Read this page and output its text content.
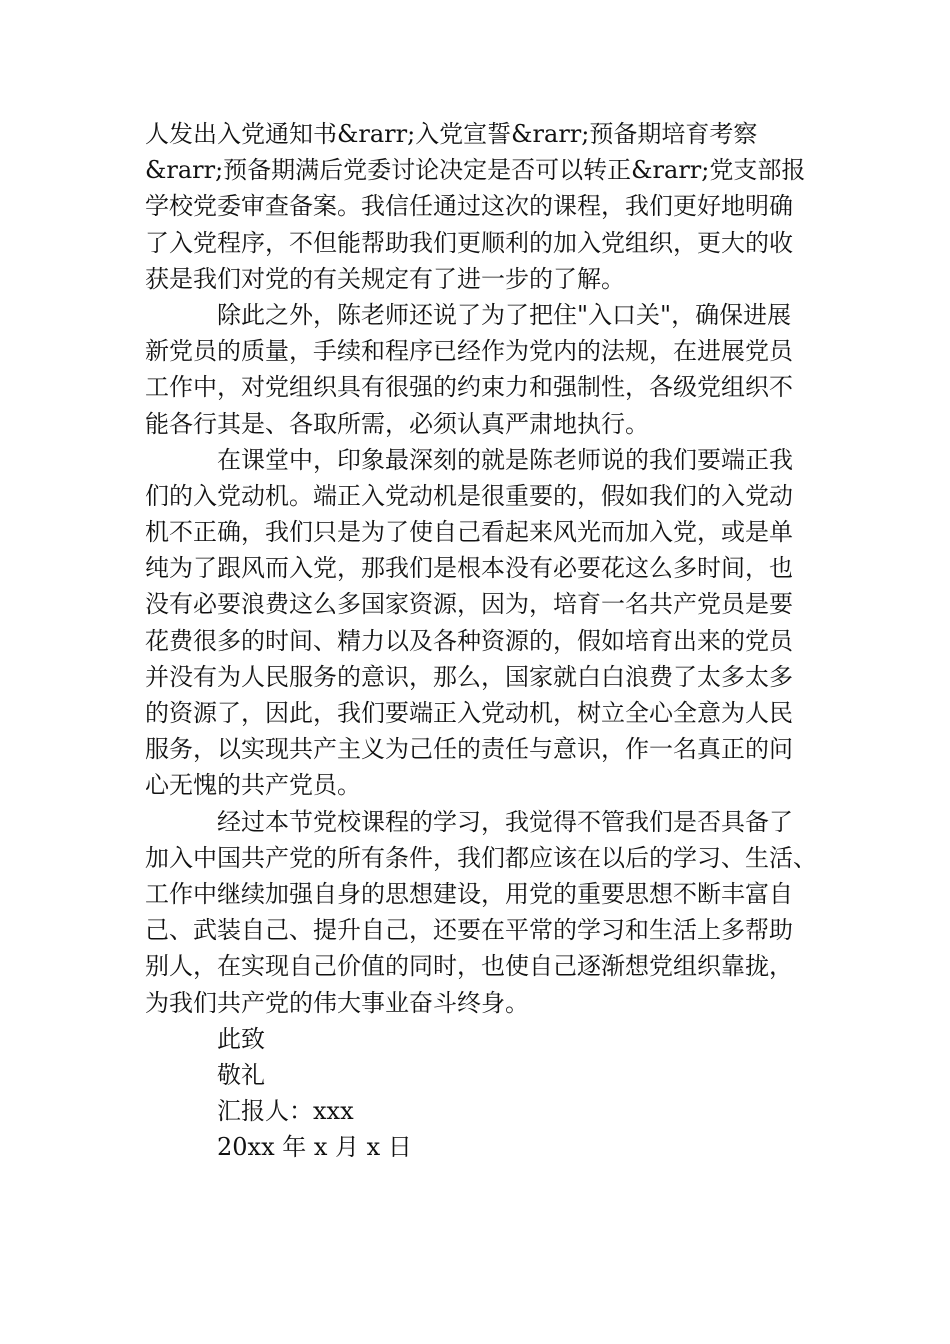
人发出入党通知书&rarr;入党宣誓&rarr;预备期培育考察
&rarr;预备期满后党委讨论决定是否可以转正&rarr;党支部报
学校党委审查备案。我信任通过这次的课程，我们更好地明确
了入党程序，不但能帮助我们更顺利的加入党组织，更大的收
获是我们对党的有关规定有了进一步的了解。
除此之外，陈老师还说了为了把住"入口关"，确保进展
新党员的质量，手续和程序已经作为党内的法规，在进展党员
工作中，对党组织具有很强的约束力和强制性，各级党组织不
能各行其是、各取所需，必须认真严肃地执行。
在课堂中，印象最深刻的就是陈老师说的我们要端正我
们的入党动机。端正入党动机是很重要的，假如我们的入党动
机不正确，我们只是为了使自己看起来风光而加入党，或是单
纯为了跟风而入党，那我们是根本没有必要花这么多时间，也
没有必要浪费这么多国家资源，因为，培育一名共产党员是要
花费很多的时间、精力以及各种资源的，假如培育出来的党员
并没有为人民服务的意识，那么，国家就白白浪费了太多太多
的资源了，因此，我们要端正入党动机，树立全心全意为人民
服务，以实现共产主义为己任的责任与意识，作一名真正的问
心无愧的共产党员。
经过本节党校课程的学习，我觉得不管我们是否具备了
加入中国共产党的所有条件，我们都应该在以后的学习、生活、
工作中继续加强自身的思想建设，用党的重要思想不断丰富自
己、武装自己、提升自己，还要在平常的学习和生活上多帮助
别人，在实现自己价值的同时，也使自己逐渐想党组织靠拢，
为我们共产党的伟大事业奋斗终身。
此致
敬礼
汇报人：xxx
20xx 年 x 月 x 日
